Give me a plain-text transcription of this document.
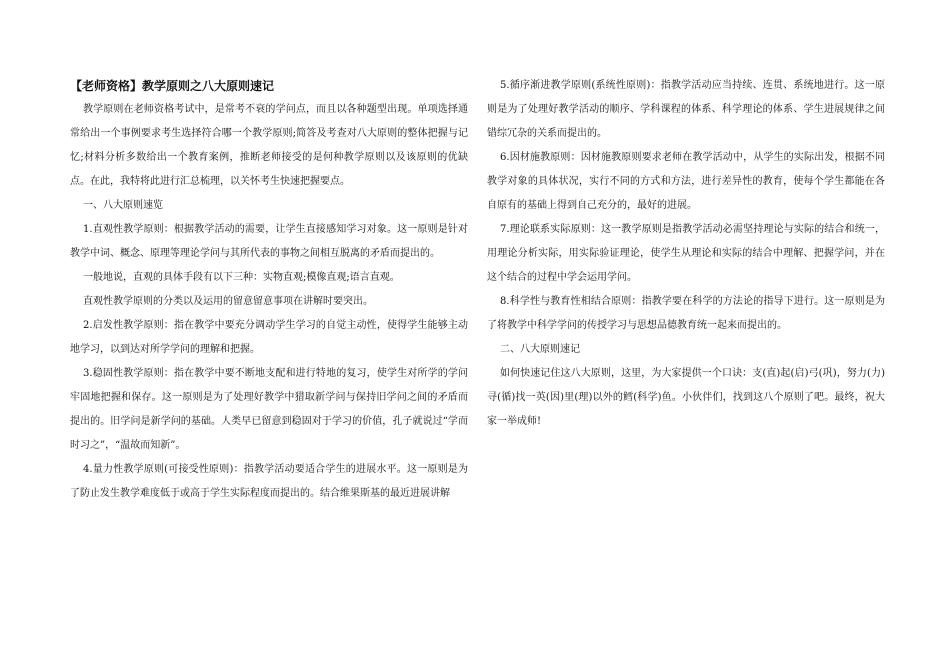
【老师资格】教学原则之八大原则速记

教学原则在老师资格考试中，是常考不衰的学问点，而且以各种题型出现。单项选择通常给出一个事例要求考生选择符合哪一个教学原则;简答及考查对八大原则的整体把握与记忆;材料分析多数给出一个教育案例，推断老师接受的是何种教学原则以及该原则的优缺点。在此，我特将此进行汇总梳理，以关怀考生快速把握要点。

一、八大原则速览

1.直观性教学原则：根据教学活动的需要，让学生直接感知学习对象。这一原则是针对教学中词、概念、原理等理论学问与其所代表的事物之间相互脱离的矛盾而提出的。

一般地说，直观的具体手段有以下三种：实物直观;模像直观;语言直观。

直观性教学原则的分类以及运用的留意留意事项在讲解时要突出。

2.启发性教学原则：指在教学中要充分调动学生学习的自觉主动性，使得学生能够主动地学习，以到达对所学学问的理解和把握。

3.稳固性教学原则：指在教学中要不断地支配和进行特地的复习，使学生对所学的学问牢固地把握和保存。这一原则是为了处理好教学中猎取新学问与保持旧学问之间的矛盾而提出的。旧学问是新学问的基础。人类早已留意到稳固对于学习的价值，孔子就说过“学而时习之”，“温故而知新”。

4.量力性教学原则(可接受性原则)：指教学活动要适合学生的进展水平。这一原则是为了防止发生教学难度低于或高于学生实际程度而提出的。结合维果斯基的最近进展讲解

5.循序渐进教学原则(系统性原则)：指教学活动应当持续、连贯、系统地进行。这一原则是为了处理好教学活动的顺序、学科课程的体系、科学理论的体系、学生进展规律之间错综冗杂的关系而提出的。

6.因材施教原则：因材施教原则要求老师在教学活动中，从学生的实际出发，根据不同教学对象的具体状况，实行不同的方式和方法，进行差异性的教育，使每个学生都能在各自原有的基础上得到自己充分的，最好的进展。

7.理论联系实际原则：这一教学原则是指教学活动必需坚持理论与实际的结合和统一，用理论分析实际，用实际验证理论，使学生从理论和实际的结合中理解、把握学问，并在这个结合的过程中学会运用学问。

8.科学性与教育性相结合原则：指教学要在科学的方法论的指导下进行。这一原则是为了将教学中科学学问的传授学习与思想品德教育统一起来而提出的。

二、八大原则速记

如何快速记住这八大原则，这里，为大家提供一个口诀：支(直)起(启)弓(巩)，努力(力)寻(循)找一英(因)里(理)以外的鳕(科学)鱼。小伙伴们，找到这八个原则了吧。最终，祝大家一举成师!
